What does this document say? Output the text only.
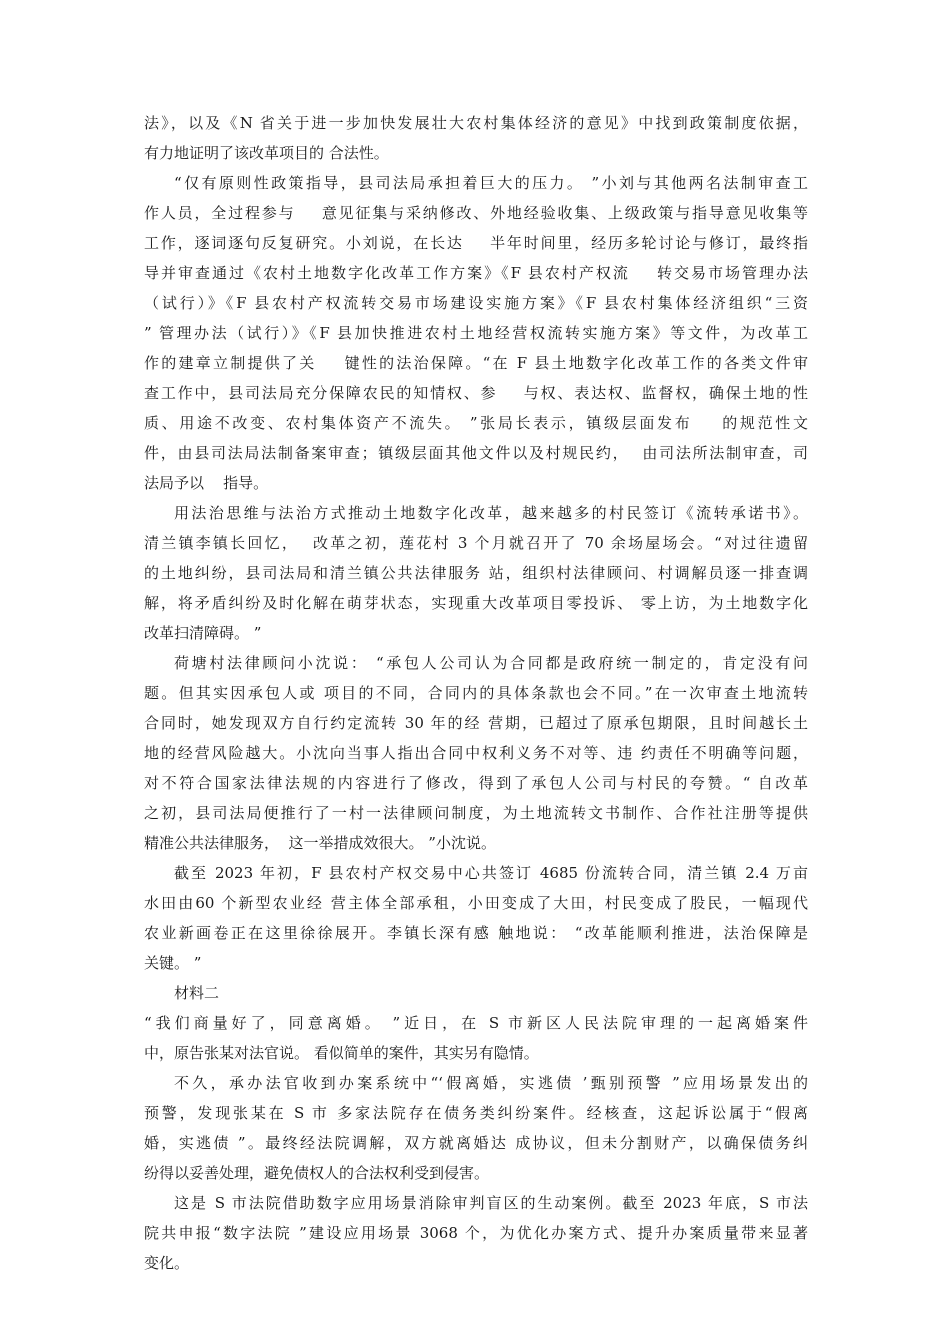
法》，以及《N 省关于进一步加快发展壮大农村集体经济的意见》中找到政策制度依据，
有力地证明了该改革项目的 合法性。
“仅有原则性政策指导，县司法局承担着巨大的压力。 ”小刘与其他两名法制审查工
作人员，全过程参与    意见征集与采纳修改、外地经验收集、上级政策与指导意见收集等
工作，逐词逐句反复研究。小刘说，在长达    半年时间里，经历多轮讨论与修订，最终指
导并审查通过《农村土地数字化改革工作方案》《F 县农村产权流    转交易市场管理办法
（试行）》《F 县农村产权流转交易市场建设实施方案》《F 县农村集体经济组织“三资
” 管理办法（试行）》《F 县加快推进农村土地经营权流转实施方案》等文件，为改革工
作的建章立制提供了关    键性的法治保障。“在 F 县土地数字化改革工作的各类文件审
查工作中，县司法局充分保障农民的知情权、参    与权、表达权、监督权，确保土地的性
质、用途不改变、农村集体资产不流失。 ”张局长表示，镇级层面发布    的规范性文
件，由县司法局法制备案审查；镇级层面其他文件以及村规民约，  由司法所法制审查，司
法局予以    指导。
用法治思维与法治方式推动土地数字化改革，越来越多的村民签订《流转承诺书》。
清兰镇李镇长回忆，  改革之初，莲花村 3 个月就召开了 70 余场屋场会。“对过往遗留
的土地纠纷，县司法局和清兰镇公共法律服务 站，组织村法律顾问、村调解员逐一排查调
解，将矛盾纠纷及时化解在萌芽状态，实现重大改革项目零投诉、 零上访，为土地数字化
改革扫清障碍。 ”
荷塘村法律顾问小沈说： “承包人公司认为合同都是政府统一制定的，肯定没有问
题。但其实因承包人或 项目的不同，合同内的具体条款也会不同。”在一次审查土地流转
合同时，她发现双方自行约定流转 30 年的经 营期，已超过了原承包期限，且时间越长土
地的经营风险越大。小沈向当事人指出合同中权利义务不对等、违 约责任不明确等问题，
对不符合国家法律法规的内容进行了修改，得到了承包人公司与村民的夸赞。“ 自改革
之初，县司法局便推行了一村一法律顾问制度，为土地流转文书制作、合作社注册等提供
精准公共法律服务，  这一举措成效很大。 ”小沈说。
截至 2023 年初，F 县农村产权交易中心共签订 4685 份流转合同，清兰镇 2.4 万亩
水田由60 个新型农业经 营主体全部承租，小田变成了大田，村民变成了股民，一幅现代
农业新画卷正在这里徐徐展开。李镇长深有感 触地说： “改革能顺利推进，法治保障是
关键。 ”
材料二
“我们商量好了，同意离婚。 ”近日，在 S 市新区人民法院审理的一起离婚案件
中，原告张某对法官说。 看似简单的案件，其实另有隐情。
不久，承办法官收到办案系统中“‘假离婚，实逃债 ’甄别预警 ”应用场景发出的
预警，发现张某在 S 市 多家法院存在债务类纠纷案件。经核查，这起诉讼属于“假离
婚，实逃债 ”。最终经法院调解，双方就离婚达 成协议，但未分割财产，以确保债务纠
纷得以妥善处理，避免债权人的合法权利受到侵害。
这是 S 市法院借助数字应用场景消除审判盲区的生动案例。截至 2023 年底，S 市法
院共申报“数字法院 ”建设应用场景 3068 个，为优化办案方式、提升办案质量带来显著
变化。
